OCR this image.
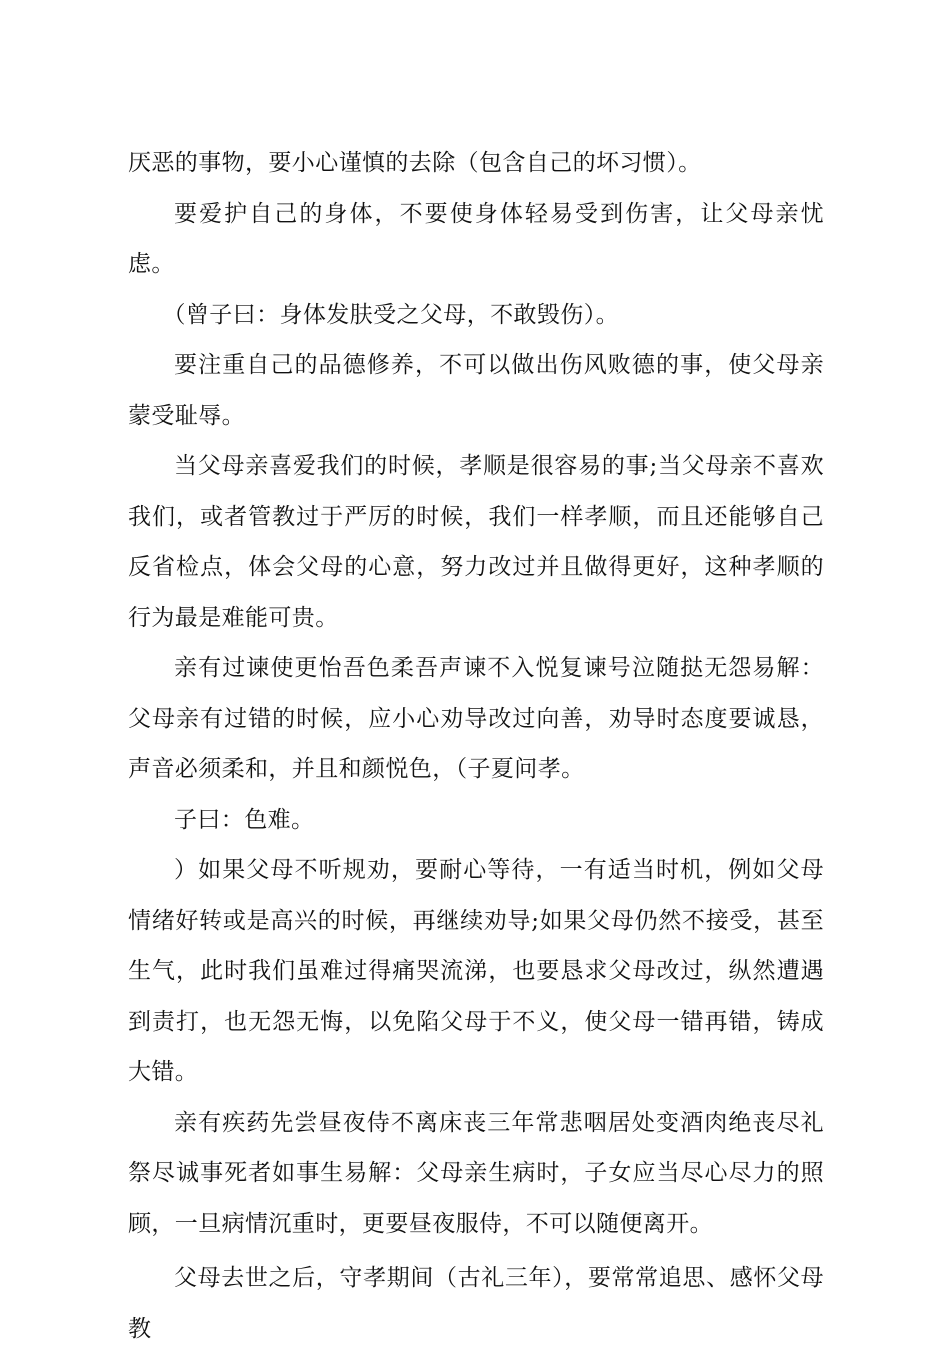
厌恶的事物，要小心谨慎的去除（包含自己的坏习惯）。

要爱护自己的身体，不要使身体轻易受到伤害，让父母亲忧虑。

（曾子曰：身体发肤受之父母，不敢毁伤）。

要注重自己的品德修养，不可以做出伤风败德的事，使父母亲蒙受耻辱。

当父母亲喜爱我们的时候，孝顺是很容易的事;当父母亲不喜欢我们，或者管教过于严厉的时候，我们一样孝顺，而且还能够自己反省检点，体会父母的心意，努力改过并且做得更好，这种孝顺的行为最是难能可贵。

亲有过谏使更怡吾色柔吾声谏不入悦复谏号泣随挞无怨易解：父母亲有过错的时候，应小心劝导改过向善，劝导时态度要诚恳，声音必须柔和，并且和颜悦色，（子夏问孝。

子曰：色难。

）如果父母不听规劝，要耐心等待，一有适当时机，例如父母情绪好转或是高兴的时候，再继续劝导;如果父母仍然不接受，甚至生气，此时我们虽难过得痛哭流涕，也要恳求父母改过，纵然遭遇到责打，也无怨无悔，以免陷父母于不义，使父母一错再错，铸成大错。

亲有疾药先尝昼夜侍不离床丧三年常悲咽居处变酒肉绝丧尽礼祭尽诚事死者如事生易解：父母亲生病时，子女应当尽心尽力的照顾，一旦病情沉重时，更要昼夜服侍，不可以随便离开。

父母去世之后，守孝期间（古礼三年），要常常追思、感怀父母教
